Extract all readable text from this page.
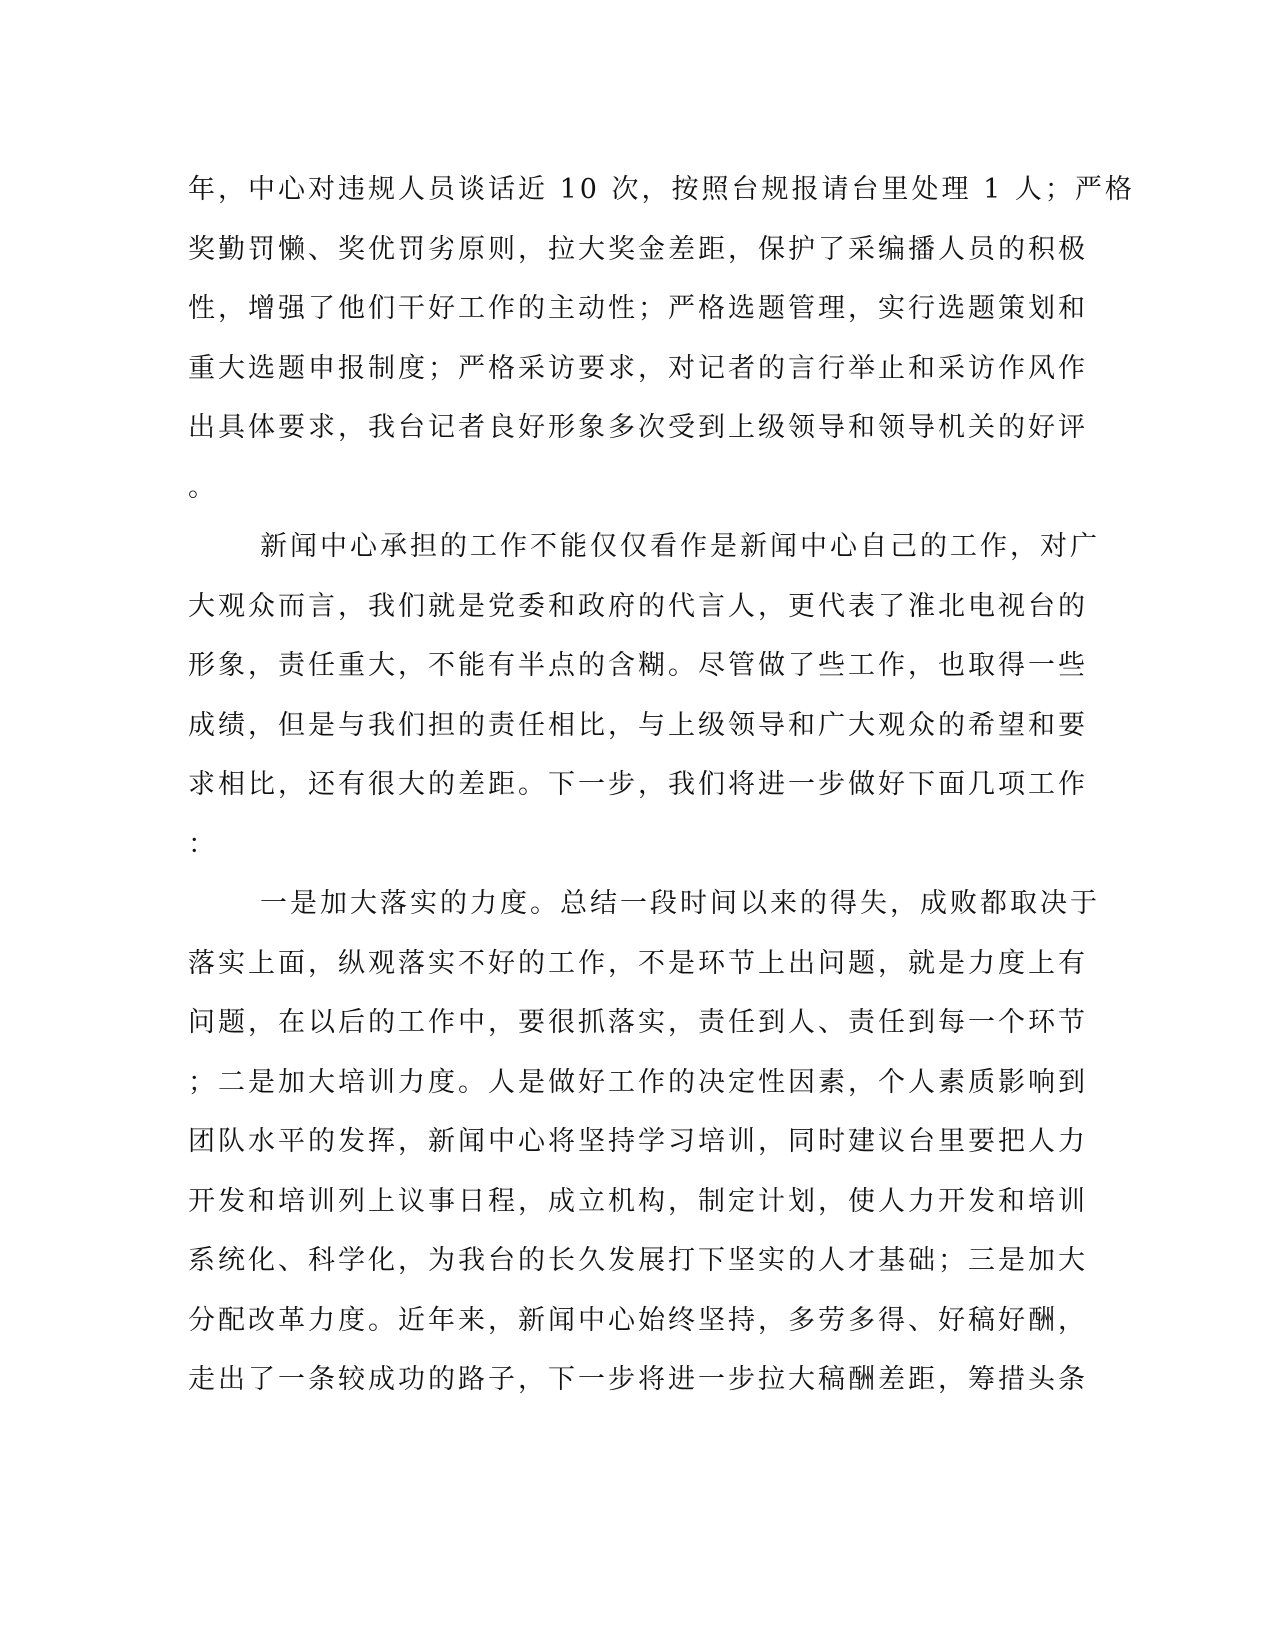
年，中心对违规人员谈话近 10 次，按照台规报请台里处理 1 人；严格
奖勤罚懒、奖优罚劣原则，拉大奖金差距，保护了采编播人员的积极
性，增强了他们干好工作的主动性；严格选题管理，实行选题策划和
重大选题申报制度；严格采访要求，对记者的言行举止和采访作风作
出具体要求，我台记者良好形象多次受到上级领导和领导机关的好评
。
新闻中心承担的工作不能仅仅看作是新闻中心自己的工作，对广
大观众而言，我们就是党委和政府的代言人，更代表了淮北电视台的
形象，责任重大，不能有半点的含糊。尽管做了些工作，也取得一些
成绩，但是与我们担的责任相比，与上级领导和广大观众的希望和要
求相比，还有很大的差距。下一步，我们将进一步做好下面几项工作
：
一是加大落实的力度。总结一段时间以来的得失，成败都取决于
落实上面，纵观落实不好的工作，不是环节上出问题，就是力度上有
问题，在以后的工作中，要很抓落实，责任到人、责任到每一个环节
；二是加大培训力度。人是做好工作的决定性因素，个人素质影响到
团队水平的发挥，新闻中心将坚持学习培训，同时建议台里要把人力
开发和培训列上议事日程，成立机构，制定计划，使人力开发和培训
系统化、科学化，为我台的长久发展打下坚实的人才基础；三是加大
分配改革力度。近年来，新闻中心始终坚持，多劳多得、好稿好酬，
走出了一条较成功的路子，下一步将进一步拉大稿酬差距，筹措头条
